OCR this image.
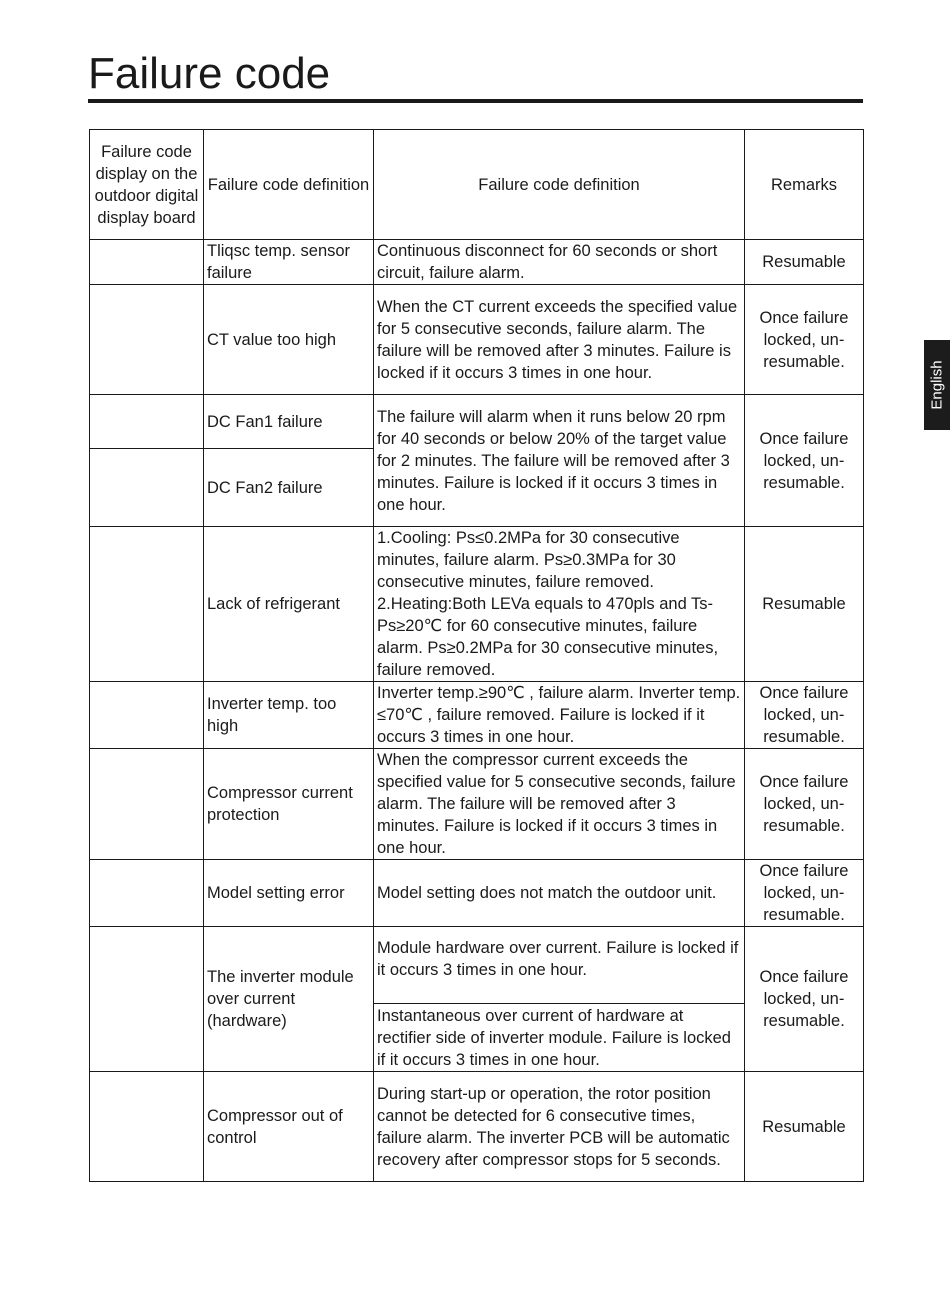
Failure code
English
Failure code display on the outdoor digital display board	Failure code definition	Failure code definition	Remarks
	Tliqsc temp. sensor failure	Continuous disconnect for 60 seconds or short circuit, failure alarm.	Resumable
	CT value too high	When the CT current exceeds the specified value for 5 consecutive seconds, failure alarm. The failure will be removed after 3 minutes. Failure is locked if it occurs 3 times in one hour.	Once failure locked, un-resumable.
	DC Fan1 failure	The failure will alarm when it runs below 20 rpm for 40 seconds or below 20% of the target value for 2 minutes. The failure will be removed after 3 minutes. Failure is locked if it occurs 3 times in one hour.	Once failure locked, un-resumable.
	DC Fan2 failure		
	Lack of refrigerant	1.Cooling: Ps≤0.2MPa for 30 consecutive minutes, failure alarm. Ps≥0.3MPa for 30 consecutive minutes, failure removed.
2.Heating:Both LEVa equals to 470pls and Ts-Ps≥20℃ for 60 consecutive minutes, failure alarm. Ps≥0.2MPa for 30 consecutive minutes, failure removed.	Resumable
	Inverter temp. too high	Inverter temp.≥90℃ , failure alarm. Inverter temp. ≤70℃ , failure removed. Failure is locked if it occurs 3 times in one hour.	Once failure locked, un-resumable.
	Compressor current protection	When the compressor current exceeds the specified value for 5 consecutive seconds, failure alarm. The failure will be removed after 3 minutes. Failure is locked if it occurs 3 times in one hour.	Once failure locked, un-resumable.
	Model setting error	Model setting does not match the outdoor unit.	Once failure locked, un-resumable.
	The inverter module over current (hardware)	Module hardware over current. Failure is locked if it occurs 3 times in one hour.	Once failure locked, un-resumable.
		Instantaneous over current of hardware at rectifier side of inverter module. Failure is locked if it occurs 3 times in one hour.	
	Compressor out of control	During start-up or operation, the rotor position cannot be detected for 6 consecutive times, failure alarm. The inverter PCB will be automatic recovery after compressor stops for 5 seconds.	Resumable
